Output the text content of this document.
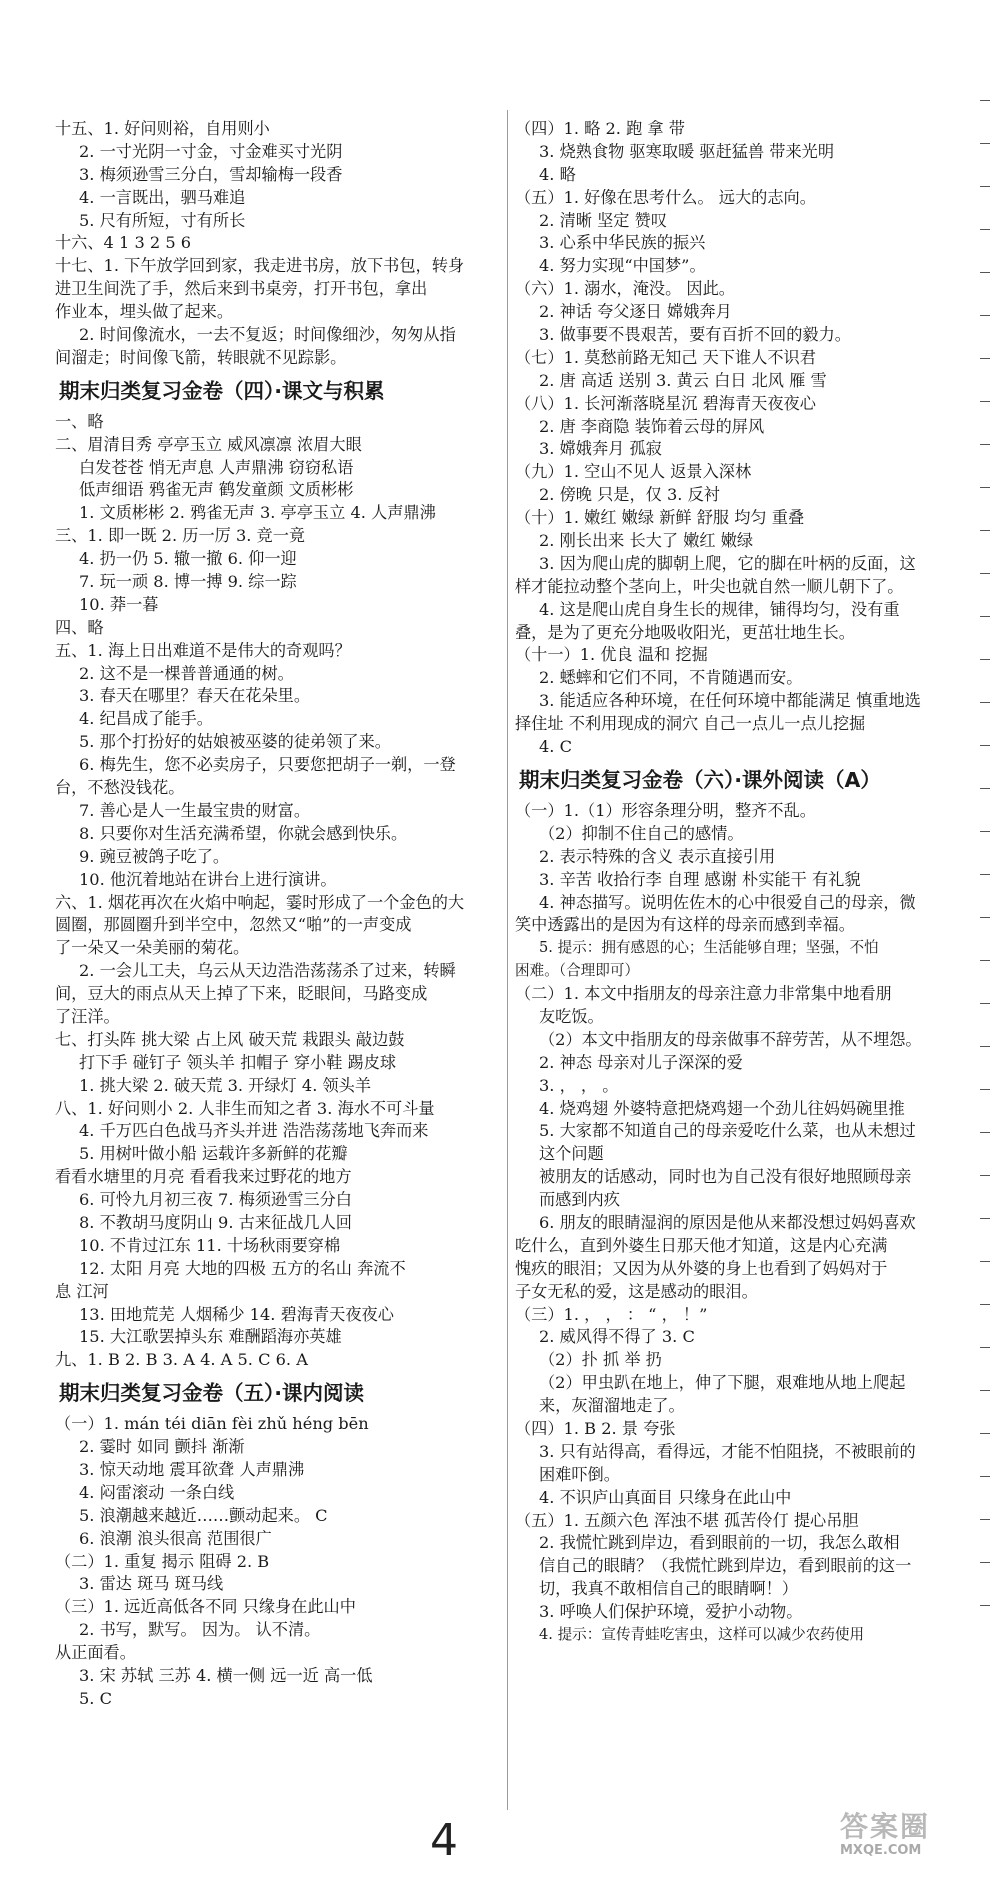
十五、1. 好问则裕，自用则小
2. 一寸光阴一寸金，寸金难买寸光阴
3. 梅须逊雪三分白，雪却输梅一段香
4. 一言既出，驷马难追
5. 尺有所短，寸有所长
十六、4 1 3 2 5 6
十七、1. 下午放学回到家，我走进书房，放下书包，转身
进卫生间洗了手，然后来到书桌旁，打开书包，拿出
作业本，埋头做了起来。
2. 时间像流水，一去不复返；时间像细沙，匆匆从指
间溜走；时间像飞箭，转眼就不见踪影。
期末归类复习金卷（四）·课文与积累
一、略
二、眉清目秀 亭亭玉立 威风凛凛 浓眉大眼
白发苍苍 悄无声息 人声鼎沸 窃窃私语
低声细语 鸦雀无声 鹤发童颜 文质彬彬
1. 文质彬彬 2. 鸦雀无声 3. 亭亭玉立 4. 人声鼎沸
三、1. 即一既 2. 历一厉 3. 竞一竟
4. 扔一仍 5. 辙一撤 6. 仰一迎
7. 玩一顽 8. 博一搏 9. 综一踪
10. 莽一暮
四、略
五、1. 海上日出难道不是伟大的奇观吗？
2. 这不是一棵普普通通的树。
3. 春天在哪里？春天在花朵里。
4. 纪昌成了能手。
5. 那个打扮好的姑娘被巫婆的徒弟领了来。
6. 梅先生，您不必卖房子，只要您把胡子一剃，一登
台，不愁没钱花。
7. 善心是人一生最宝贵的财富。
8. 只要你对生活充满希望，你就会感到快乐。
9. 豌豆被鸽子吃了。
10. 他沉着地站在讲台上进行演讲。
六、1. 烟花再次在火焰中响起，霎时形成了一个金色的大
圆圈，那圆圈升到半空中，忽然又“啪”的一声变成
了一朵又一朵美丽的菊花。
2. 一会儿工夫，乌云从天边浩浩荡荡杀了过来，转瞬
间，豆大的雨点从天上掉了下来，眨眼间，马路变成
了汪洋。
七、打头阵 挑大梁 占上风 破天荒 栽跟头 敲边鼓
打下手 碰钉子 领头羊 扣帽子 穿小鞋 踢皮球
1. 挑大梁 2. 破天荒 3. 开绿灯 4. 领头羊
八、1. 好问则小 2. 人非生而知之者 3. 海水不可斗量
4. 千万匹白色战马齐头并进 浩浩荡荡地飞奔而来
5. 用树叶做小船 运载许多新鲜的花瓣
看看水塘里的月亮 看看我来过野花的地方
6. 可怜九月初三夜 7. 梅须逊雪三分白
8. 不教胡马度阴山 9. 古来征战几人回
10. 不肯过江东 11. 十场秋雨要穿棉
12. 太阳 月亮 大地的四极 五方的名山 奔流不
息 江河
13. 田地荒芜 人烟稀少 14. 碧海青天夜夜心
15. 大江歌罢掉头东 难酬蹈海亦英雄
九、1. B 2. B 3. A 4. A 5. C 6. A
期末归类复习金卷（五）·课内阅读
（一）1. mán téi diān fèi zhǔ héng bēn
2. 霎时 如同 颤抖 渐渐
3. 惊天动地 震耳欲聋 人声鼎沸
4. 闷雷滚动 一条白线
5. 浪潮越来越近……颤动起来。 C
6. 浪潮 浪头很高 范围很广
（二）1. 重复 揭示 阻碍 2. B
3. 雷达 斑马 斑马线
（三）1. 远近高低各不同 只缘身在此山中
2. 书写，默写。 因为。 认不清。
从正面看。
3. 宋 苏轼 三苏 4. 横一侧 远一近 高一低
5. C
（四）1. 略 2. 跑 拿 带
3. 烧熟食物 驱寒取暖 驱赶猛兽 带来光明
4. 略
（五）1. 好像在思考什么。 远大的志向。
2. 清晰 坚定 赞叹
3. 心系中华民族的振兴
4. 努力实现“中国梦”。
（六）1. 溺水，淹没。 因此。
2. 神话 夸父逐日 嫦娥奔月
3. 做事要不畏艰苦，要有百折不回的毅力。
（七）1. 莫愁前路无知己 天下谁人不识君
2. 唐 高适 送别 3. 黄云 白日 北风 雁 雪
（八）1. 长河渐落晓星沉 碧海青天夜夜心
2. 唐 李商隐 装饰着云母的屏风
3. 嫦娥奔月 孤寂
（九）1. 空山不见人 返景入深林
2. 傍晚 只是，仅 3. 反衬
（十）1. 嫩红 嫩绿 新鲜 舒服 均匀 重叠
2. 刚长出来 长大了 嫩红 嫩绿
3. 因为爬山虎的脚朝上爬，它的脚在叶柄的反面，这
样才能拉动整个茎向上，叶尖也就自然一顺儿朝下了。
4. 这是爬山虎自身生长的规律，铺得均匀，没有重
叠，是为了更充分地吸收阳光，更茁壮地生长。
（十一）1. 优良 温和 挖掘
2. 蟋蟀和它们不同，不肯随遇而安。
3. 能适应各种环境，在任何环境中都能满足 慎重地选
择住址 不利用现成的洞穴 自己一点儿一点儿挖掘
4. C
期末归类复习金卷（六）·课外阅读（A）
（一）1.（1）形容条理分明，整齐不乱。
（2）抑制不住自己的感情。
2. 表示特殊的含义 表示直接引用
3. 辛苦 收拾行李 自理 感谢 朴实能干 有礼貌
4. 神态描写。说明佐佐木的心中很爱自己的母亲，微
笑中透露出的是因为有这样的母亲而感到幸福。
5. 提示：拥有感恩的心；生活能够自理；坚强，不怕
困难。（合理即可）
（二）1. 本文中指朋友的母亲注意力非常集中地看朋
友吃饭。
（2）本文中指朋友的母亲做事不辞劳苦，从不埋怨。
2. 神态 母亲对儿子深深的爱
3. ， ， 。
4. 烧鸡翅 外婆特意把烧鸡翅一个劲儿往妈妈碗里推
5. 大家都不知道自己的母亲爱吃什么菜，也从未想过
这个问题
被朋友的话感动，同时也为自己没有很好地照顾母亲
而感到内疚
6. 朋友的眼睛湿润的原因是他从来都没想过妈妈喜欢
吃什么，直到外婆生日那天他才知道，这是内心充满
愧疚的眼泪；又因为从外婆的身上也看到了妈妈对于
子女无私的爱，这是感动的眼泪。
（三）1. ， ， ： “ ， ！”
2. 威风得不得了 3. C
（2）扑 抓 举 扔
（2）甲虫趴在地上，伸了下腿，艰难地从地上爬起
来，灰溜溜地走了。
（四）1. B 2. 景 夸张
3. 只有站得高，看得远，才能不怕阻挠，不被眼前的
困难吓倒。
4. 不识庐山真面目 只缘身在此山中
（五）1. 五颜六色 浑浊不堪 孤苦伶仃 提心吊胆
2. 我慌忙跳到岸边，看到眼前的一切，我怎么敢相
信自己的眼睛？（我慌忙跳到岸边，看到眼前的这一
切，我真不敢相信自己的眼睛啊！）
3. 呼唤人们保护环境，爱护小动物。
4. 提示：宣传青蛙吃害虫，这样可以减少农药使用
4	答案圈
MXQE.COM
